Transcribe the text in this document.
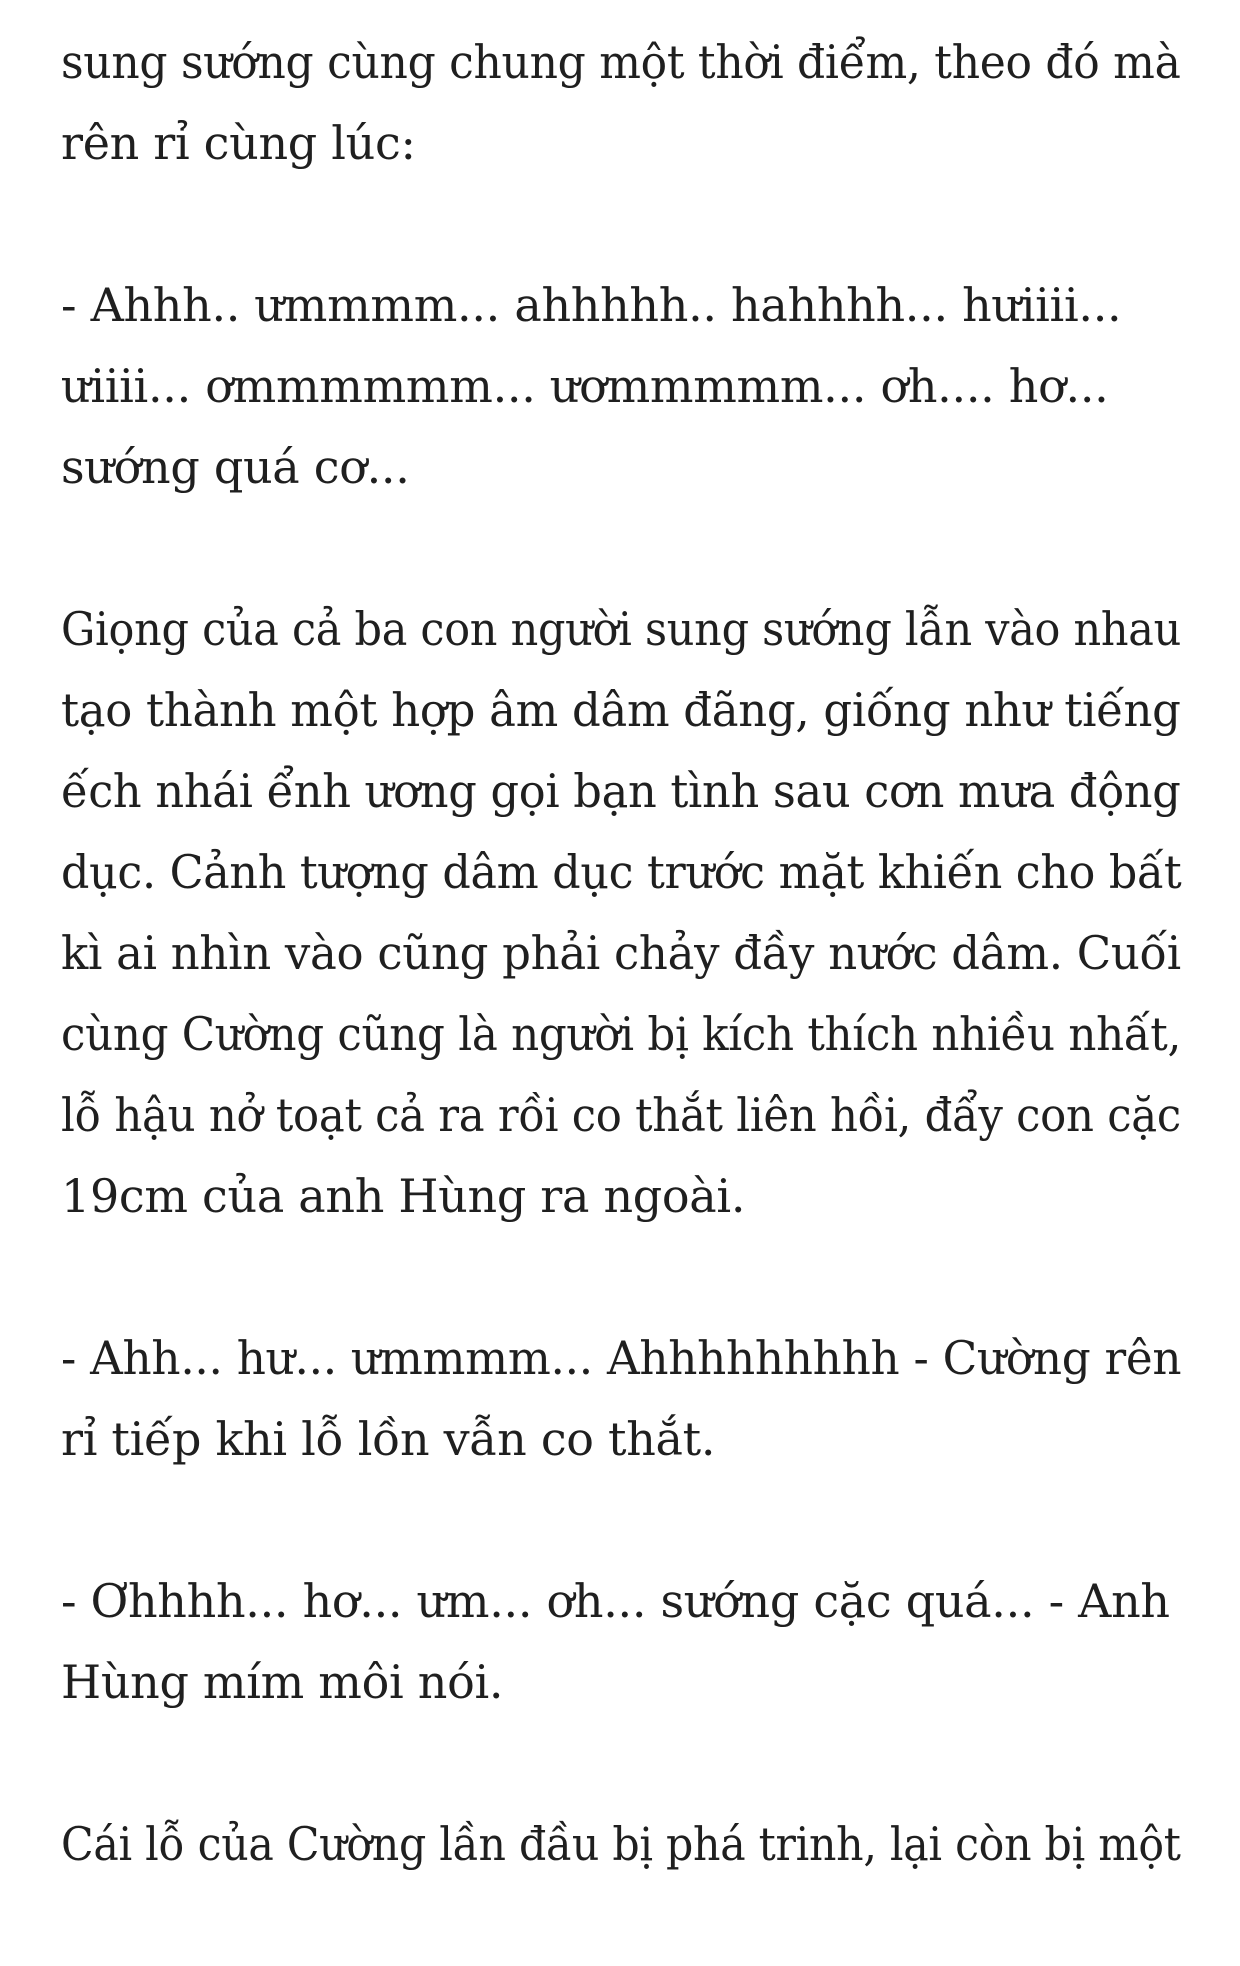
sung sướng cùng chung một thời điểm, theo đó mà

rên rỉ cùng lúc:

- Ahhh.. ưmmmm... ahhhhh.. hahhhh... hưiiii...
ưiiii... ơmmmmmm... ươmmmmm... ơh.... hơ...
sướng quá cơ...

Giọng của cả ba con người sung sướng lẫn vào nhau
tạo thành một hợp âm dâm đãng, giống như tiếng
ếch nhái ểnh ương gọi bạn tình sau cơn mưa động
dục. Cảnh tượng dâm dục trước mặt khiến cho bất
kì ai nhìn vào cũng phải chảy đầy nước dâm. Cuối
cùng Cường cũng là người bị kích thích nhiều nhất,
lỗ hậu nở toạt cả ra rồi co thắt liên hồi, đẩy con cặc

19cm của anh Hùng ra ngoài.

- Ahh... hư... ưmmmm... Ahhhhhhhhh - Cường rên

rỉ tiếp khi lỗ lồn vẫn co thắt.

- Ơhhhh... hơ... ưm... ơh... sướng cặc quá... - Anh
Hùng mím môi nói.

Cái lỗ của Cường lần đầu bị phá trinh, lại còn bị một
